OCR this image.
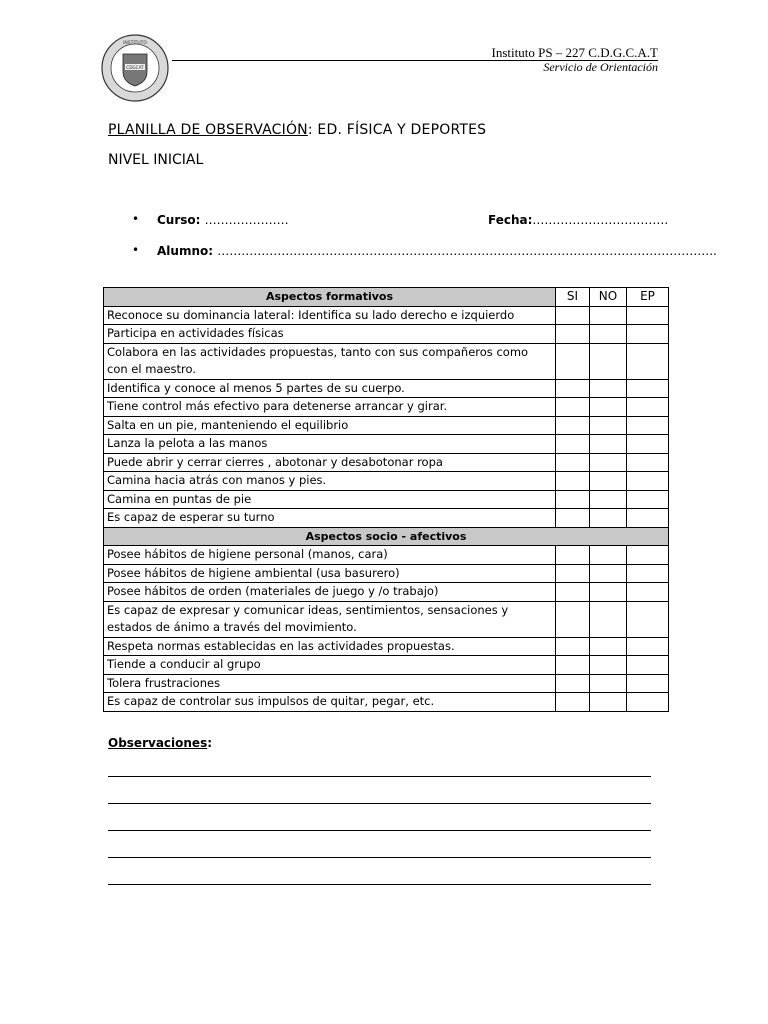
CDGCAT
INSTITUTO
Instituto PS – 227 C.D.G.C.A.T
Servicio de Orientación
PLANILLA DE OBSERVACIÓN: ED. FÍSICA Y DEPORTES
NIVEL INICIAL
• Curso: …………………	Fecha:…………………………….
• Alumno: ……………………………………………………………………………………………………………..
Aspectos formativos	SI	NO	EP
Reconoce su dominancia lateral: Identifica su lado derecho e izquierdo			
Participa en actividades físicas			
Colabora en las actividades propuestas, tanto con sus compañeros como con el maestro.			
Identifica y conoce al menos 5 partes de su cuerpo.			
Tiene control más efectivo para detenerse arrancar y girar.			
Salta en un pie, manteniendo el equilibrio			
Lanza la pelota a las manos			
Puede abrir y cerrar cierres , abotonar y desabotonar ropa			
Camina hacia atrás con manos y pies.			
Camina en puntas de pie			
Es capaz de esperar su turno			
Aspectos socio - afectivos			
Posee hábitos de higiene personal (manos, cara)			
Posee hábitos de higiene ambiental (usa basurero)			
Posee hábitos de orden (materiales de juego y /o trabajo)			
Es capaz de expresar y comunicar ideas, sentimientos, sensaciones y estados de ánimo a través del movimiento.			
Respeta normas establecidas en las actividades propuestas.			
Tiende a conducir al grupo			
Tolera frustraciones			
Es capaz de controlar sus impulsos de quitar, pegar, etc.			
Observaciones:
